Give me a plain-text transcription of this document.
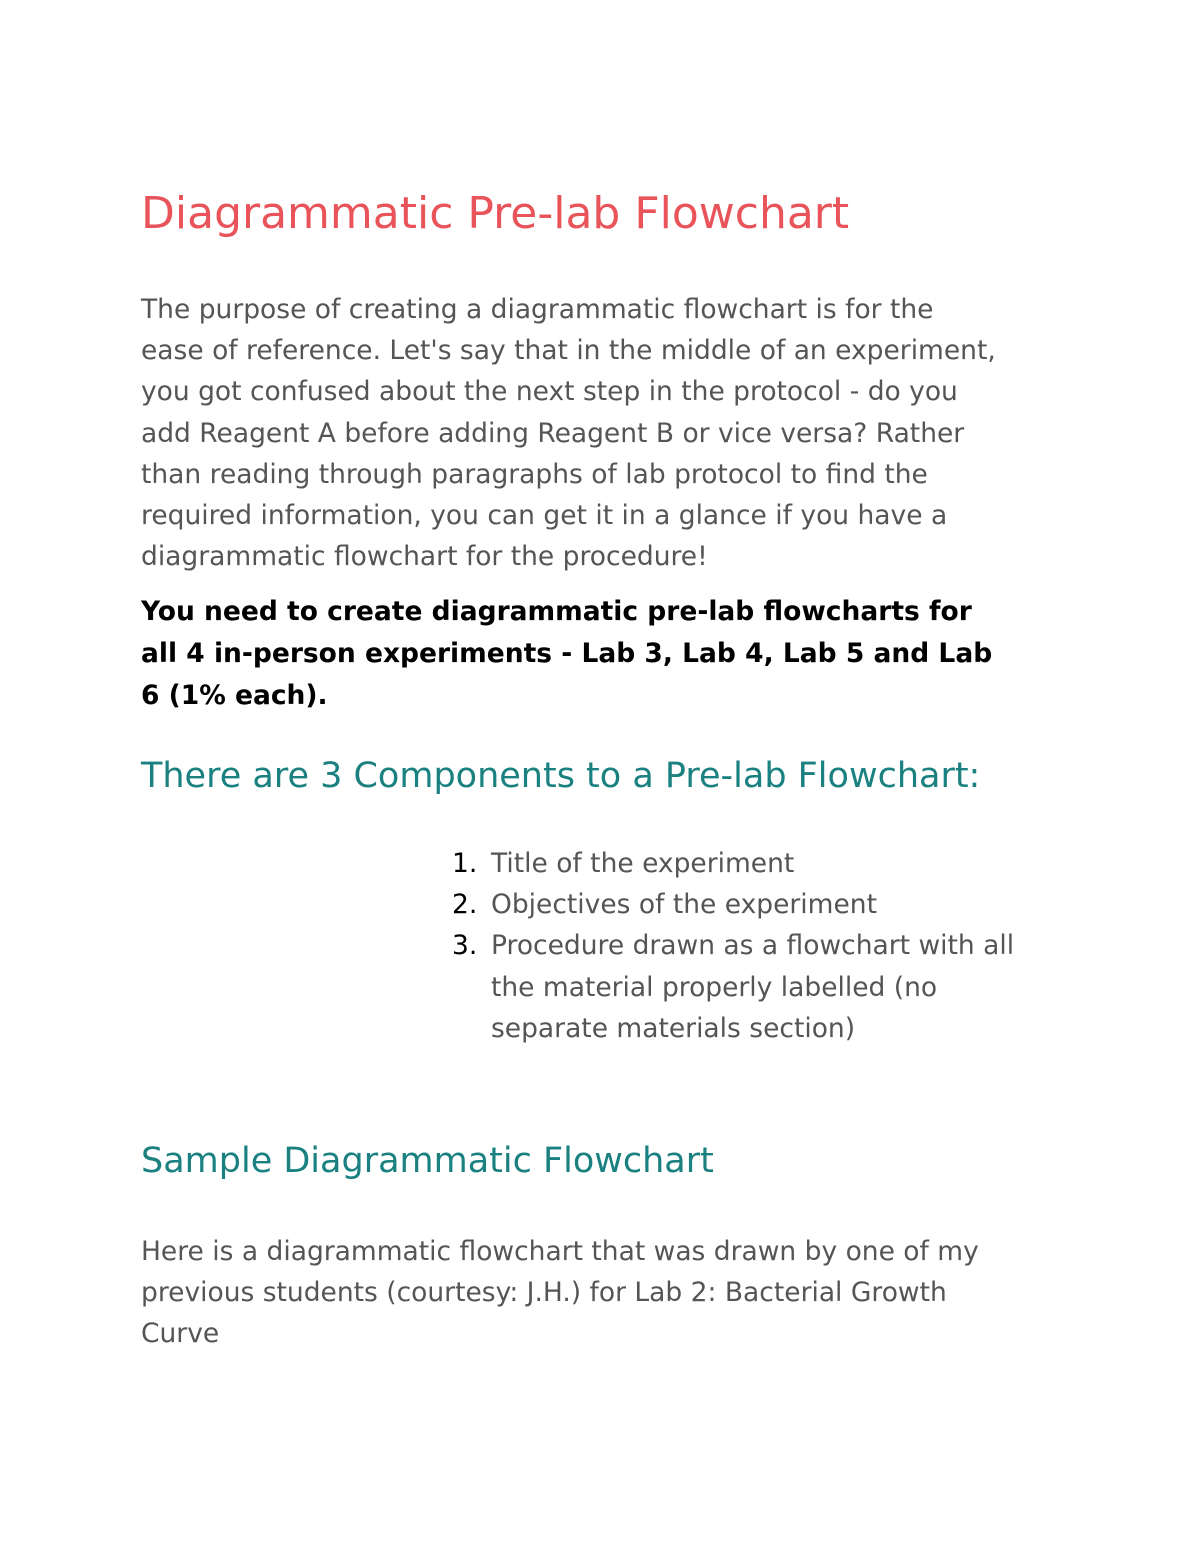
Diagrammatic Pre-lab Flowchart

The purpose of creating a diagrammatic flowchart is for the
ease of reference. Let's say that in the middle of an experiment,
you got confused about the next step in the protocol - do you
add Reagent A before adding Reagent B or vice versa? Rather
than reading through paragraphs of lab protocol to find the
required information, you can get it in a glance if you have a
diagrammatic flowchart for the procedure!

You need to create diagrammatic pre-lab flowcharts for
all 4 in-person experiments - Lab 3, Lab 4, Lab 5 and Lab
6 (1% each).

There are 3 Components to a Pre-lab Flowchart:
1. Title of the experiment
2. Objectives of the experiment
3. Procedure drawn as a flowchart with all
the material properly labelled (no
separate materials section)
Sample Diagrammatic Flowchart

Here is a diagrammatic flowchart that was drawn by one of my
previous students (courtesy: J.H.) for Lab 2: Bacterial Growth
Curve
